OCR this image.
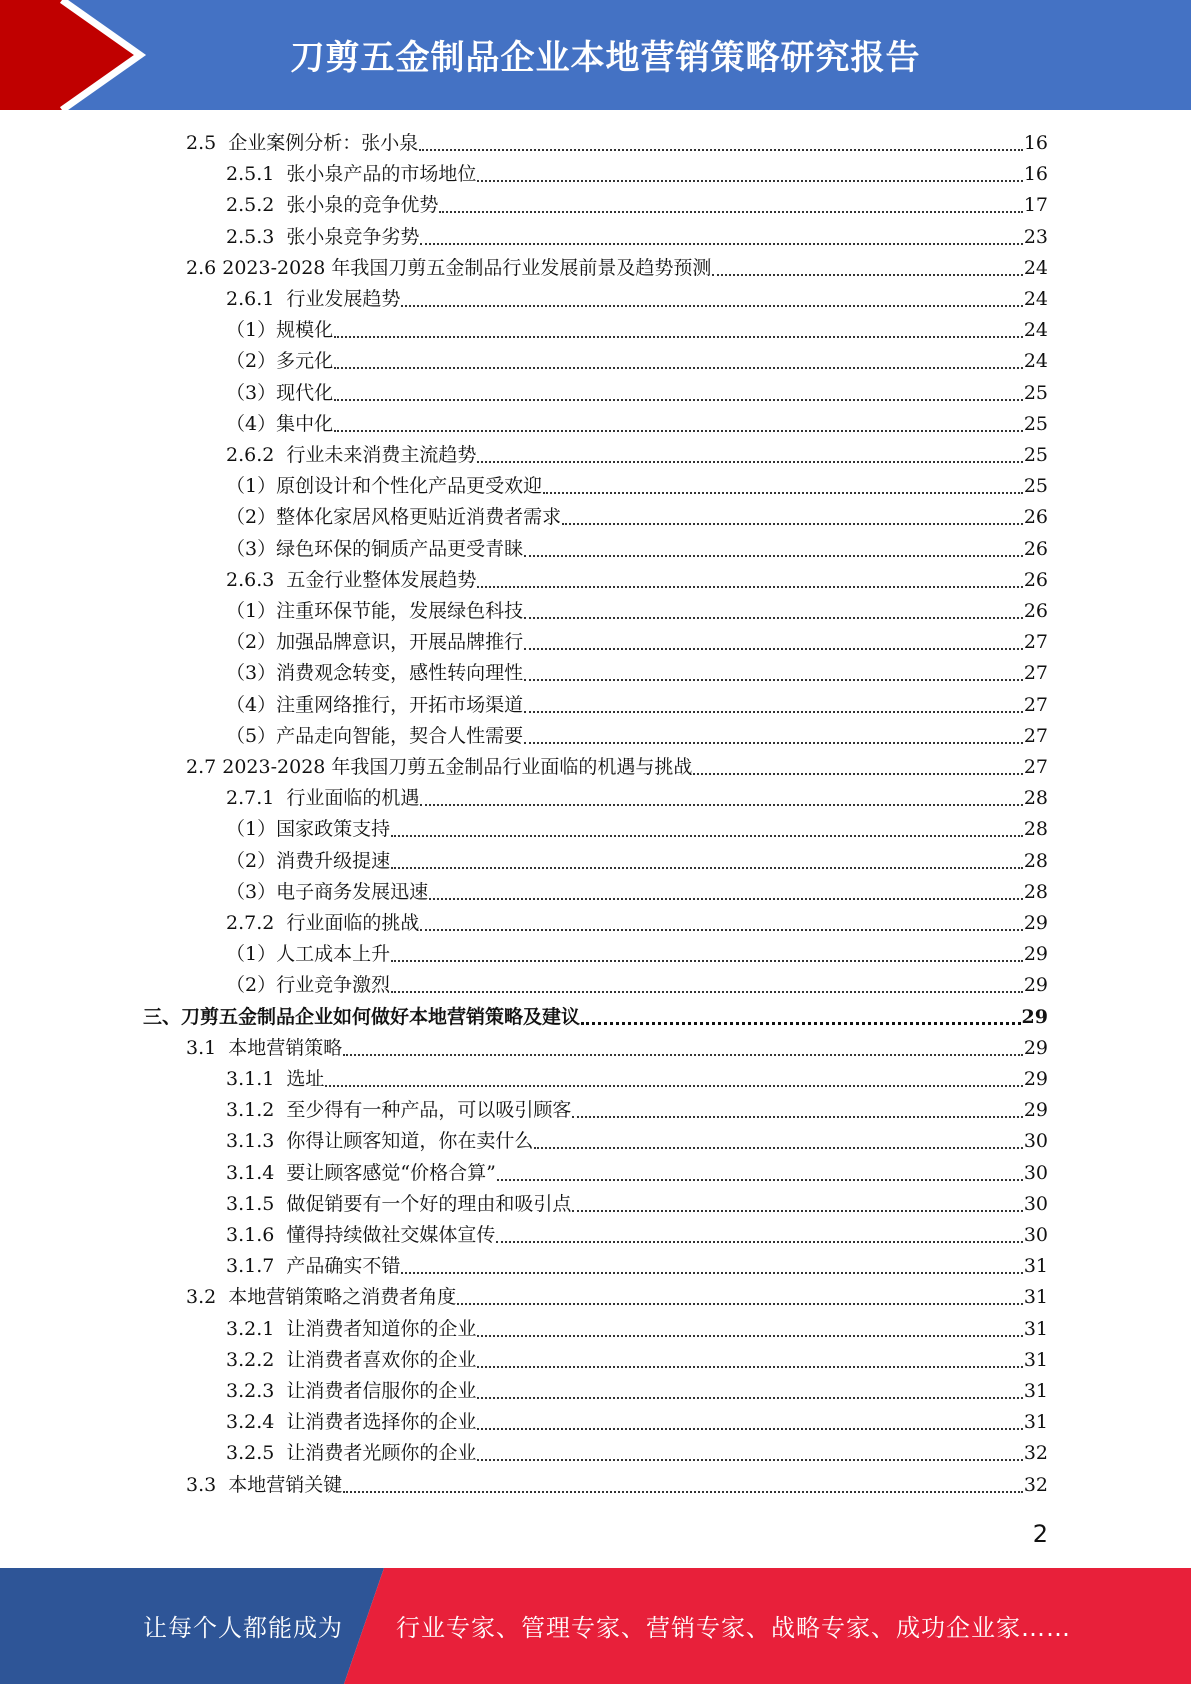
刀剪五金制品企业本地营销策略研究报告
2.5  企业案例分析：张小泉	16
2.5.1  张小泉产品的市场地位	16
2.5.2  张小泉的竞争优势	17
2.5.3  张小泉竞争劣势	23
2.6 2023-2028 年我国刀剪五金制品行业发展前景及趋势预测	24
2.6.1  行业发展趋势	24
（1）规模化	24
（2）多元化	24
（3）现代化	25
（4）集中化	25
2.6.2  行业未来消费主流趋势	25
（1）原创设计和个性化产品更受欢迎	25
（2）整体化家居风格更贴近消费者需求	26
（3）绿色环保的铜质产品更受青睐	26
2.6.3  五金行业整体发展趋势	26
（1）注重环保节能，发展绿色科技	26
（2）加强品牌意识，开展品牌推行	27
（3）消费观念转变，感性转向理性	27
（4）注重网络推行，开拓市场渠道	27
（5）产品走向智能，契合人性需要	27
2.7 2023-2028 年我国刀剪五金制品行业面临的机遇与挑战	27
2.7.1  行业面临的机遇	28
（1）国家政策支持	28
（2）消费升级提速	28
（3）电子商务发展迅速	28
2.7.2  行业面临的挑战	29
（1）人工成本上升	29
（2）行业竞争激烈	29
三、刀剪五金制品企业如何做好本地营销策略及建议	29
3.1  本地营销策略	29
3.1.1  选址	29
3.1.2  至少得有一种产品，可以吸引顾客	29
3.1.3  你得让顾客知道，你在卖什么	30
3.1.4  要让顾客感觉“价格合算”	30
3.1.5  做促销要有一个好的理由和吸引点	30
3.1.6  懂得持续做社交媒体宣传	30
3.1.7  产品确实不错	31
3.2  本地营销策略之消费者角度	31
3.2.1  让消费者知道你的企业	31
3.2.2  让消费者喜欢你的企业	31
3.2.3  让消费者信服你的企业	31
3.2.4  让消费者选择你的企业	31
3.2.5  让消费者光顾你的企业	32
3.3  本地营销关键	32
2
让每个人都能成为 行业专家、管理专家、营销专家、战略专家、成功企业家……
